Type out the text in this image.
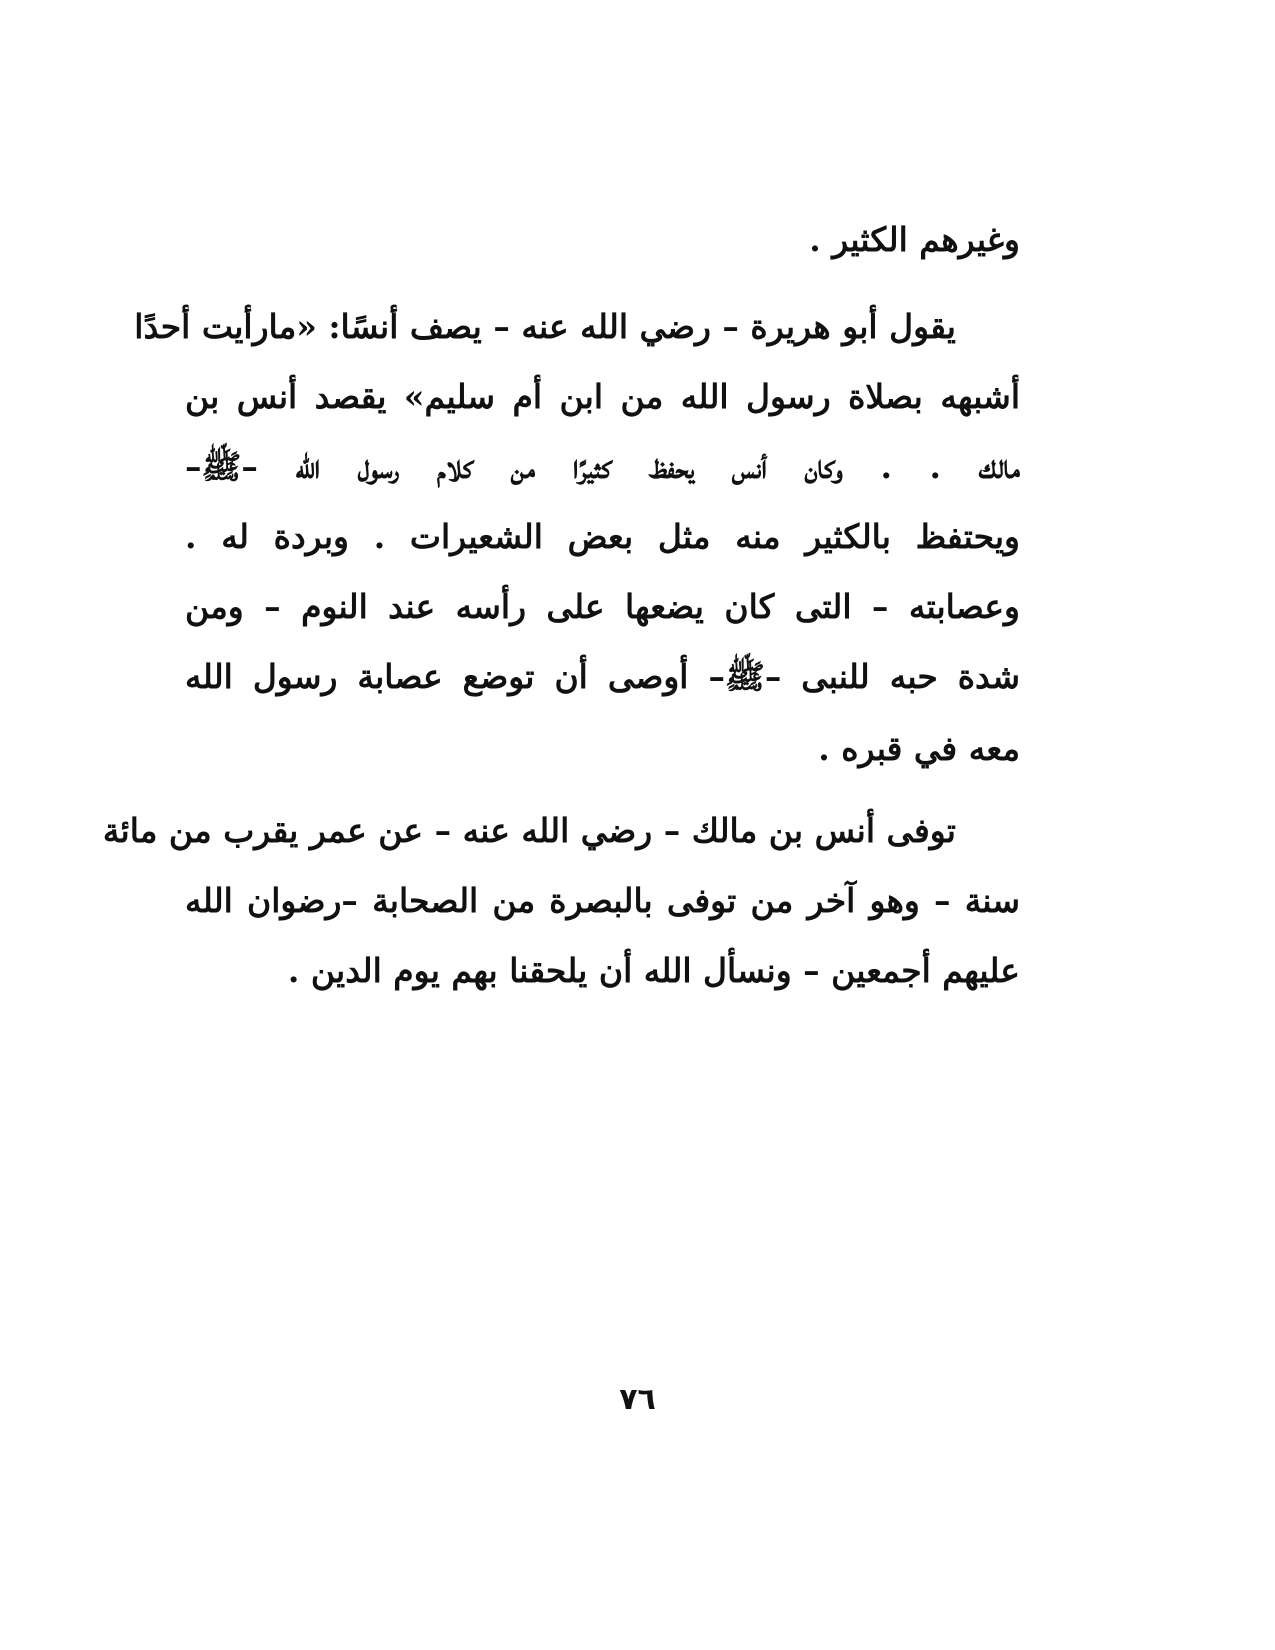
وغيرهم الكثير .
يقول أبو هريرة – رضي الله عنه – يصف أنسًا: «مارأيت أحدًا
أشبهه بصلاة رسول الله من ابن أم سليم» يقصد أنس بن
مالك . . وكان أنس يحفظ كثيرًا من كلام رسول الله –ﷺ–
ويحتفظ بالكثير منه مثل بعض الشعيرات . وبردة له .
وعصابته – التى كان يضعها على رأسه عند النوم – ومن
شدة حبه للنبى –ﷺ– أوصى أن توضع عصابة رسول الله
معه في قبره .
توفى أنس بن مالك – رضي الله عنه – عن عمر يقرب من مائة
سنة – وهو آخر من توفى بالبصرة من الصحابة –رضوان الله
عليهم أجمعين – ونسأل الله أن يلحقنا بهم يوم الدين .
٧٦
